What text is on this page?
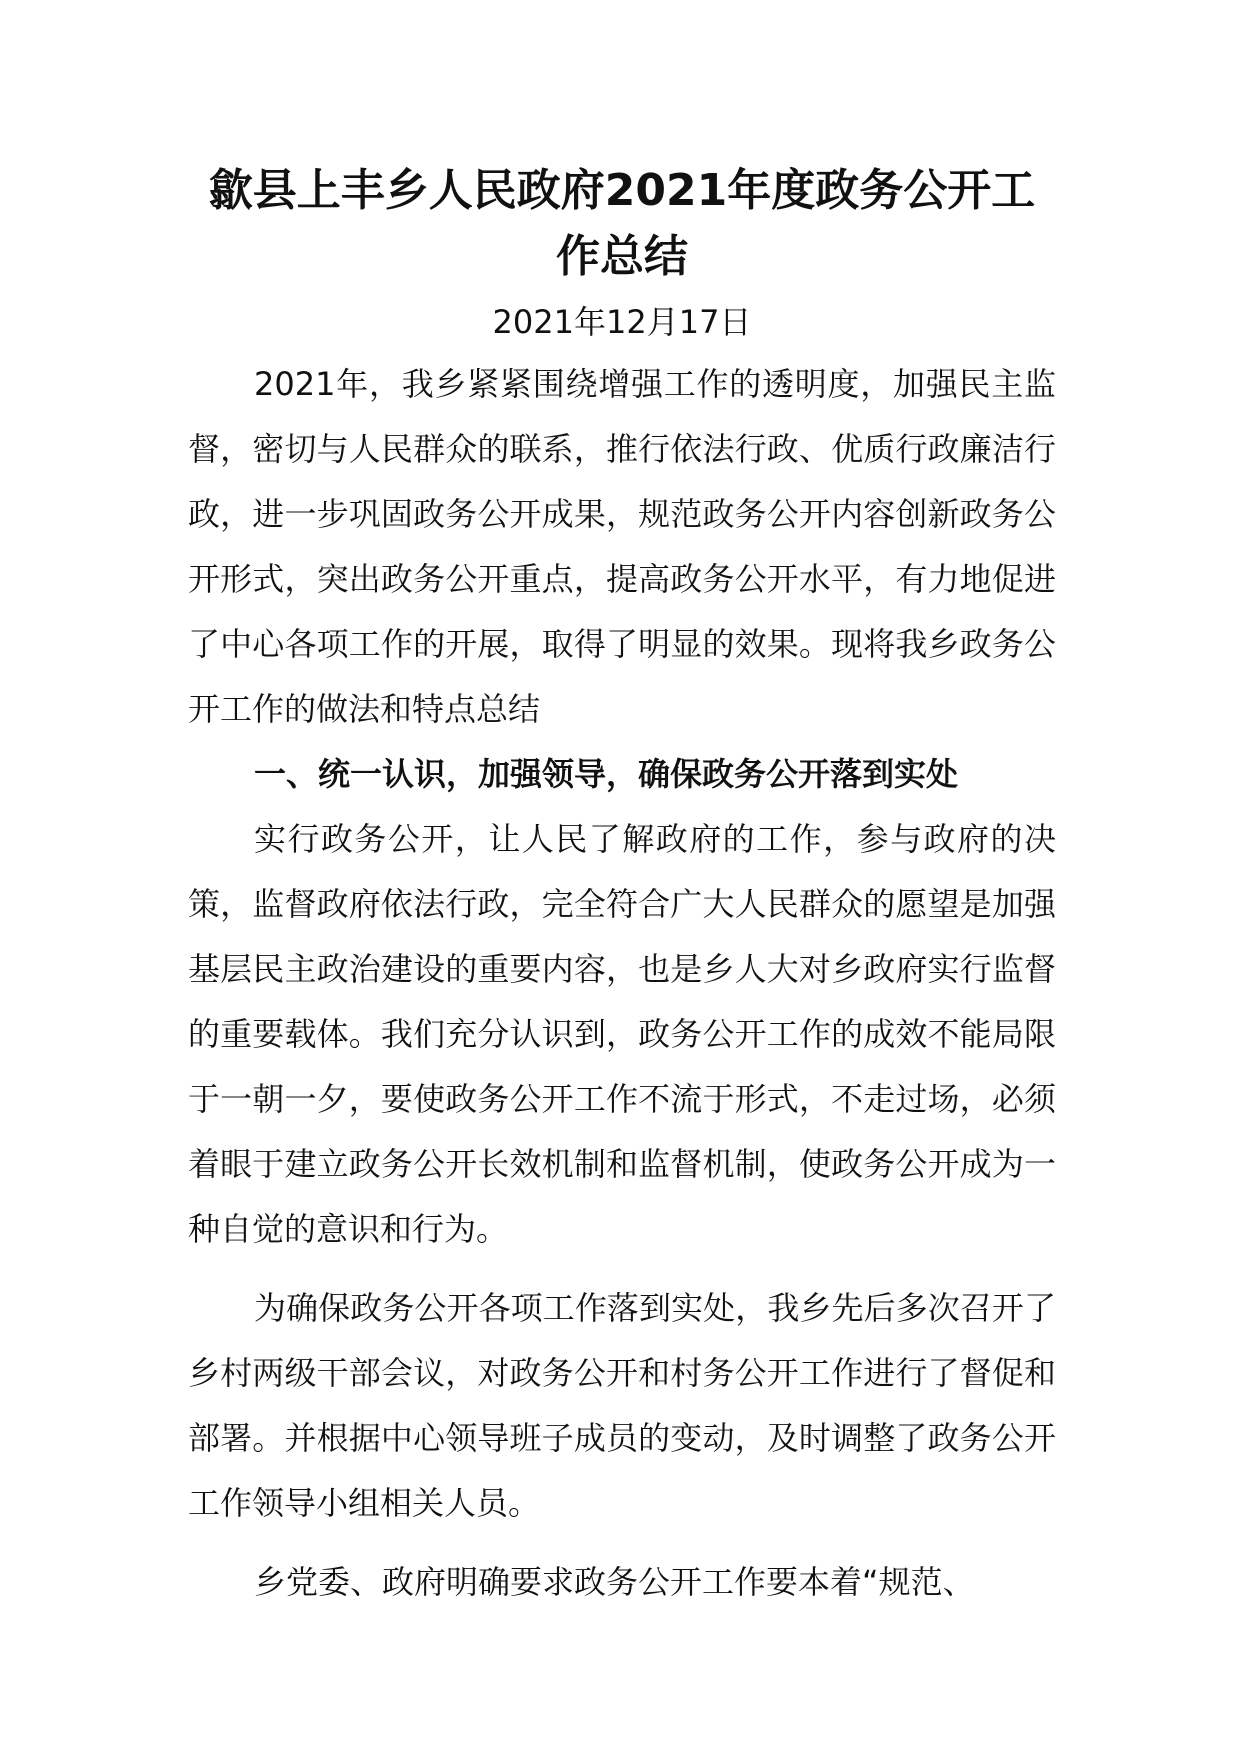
歙县上丰乡人民政府2021年度政务公开工作总结
2021年12月17日

2021年，我乡紧紧围绕增强工作的透明度，加强民主监督，密切与人民群众的联系，推行依法行政、优质行政廉洁行政，进一步巩固政务公开成果，规范政务公开内容创新政务公开形式，突出政务公开重点，提高政务公开水平，有力地促进了中心各项工作的开展，取得了明显的效果。现将我乡政务公开工作的做法和特点总结

一、统一认识，加强领导，确保政务公开落到实处

实行政务公开，让人民了解政府的工作，参与政府的决策，监督政府依法行政，完全符合广大人民群众的愿望是加强基层民主政治建设的重要内容，也是乡人大对乡政府实行监督的重要载体。我们充分认识到，政务公开工作的成效不能局限于一朝一夕，要使政务公开工作不流于形式，不走过场，必须着眼于建立政务公开长效机制和监督机制，使政务公开成为一种自觉的意识和行为。

为确保政务公开各项工作落到实处，我乡先后多次召开了乡村两级干部会议，对政务公开和村务公开工作进行了督促和部署。并根据中心领导班子成员的变动，及时调整了政务公开工作领导小组相关人员。

乡党委、政府明确要求政务公开工作要本着“规范、
